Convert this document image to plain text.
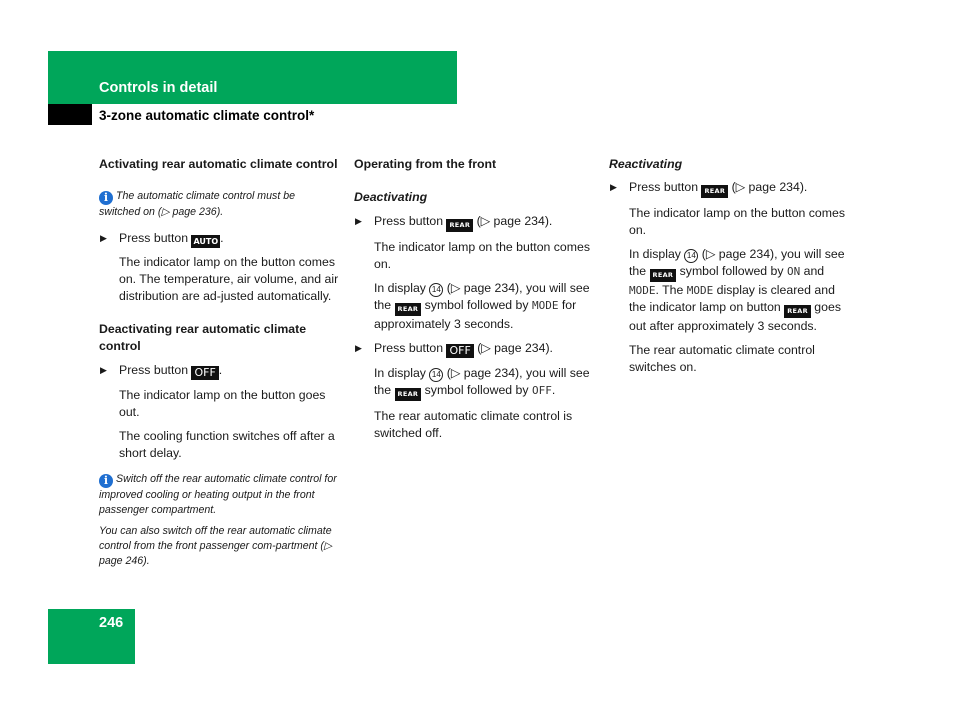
Controls in detail
3-zone automatic climate control*

Activating rear automatic climate control

i The automatic climate control must be switched on (▷ page 236).

▶ Press button AUTO .

The indicator lamp on the button comes on. The temperature, air volume, and air distribution are ad-justed automatically.

Deactivating rear automatic climate control

▶ Press button OFF .

The indicator lamp on the button goes out.

The cooling function switches off after a short delay.

i Switch off the rear automatic climate control for improved cooling or heating output in the front passenger compartment.

You can also switch off the rear automatic climate control from the front passenger com-partment (▷ page 246).

Operating from the front

Deactivating

▶ Press button REAR (▷ page 234).

The indicator lamp on the button comes on.

In display 14 (▷ page 234), you will see the REAR symbol followed by MODE for approximately 3 seconds.

▶ Press button OFF (▷ page 234).

In display 14 (▷ page 234), you will see the REAR symbol followed by OFF.

The rear automatic climate control is switched off.

Reactivating

▶ Press button REAR (▷ page 234).

The indicator lamp on the button comes on.

In display 14 (▷ page 234), you will see the REAR symbol followed by ON and MODE. The MODE display is cleared and the indicator lamp on button REAR goes out after approximately 3 seconds.

The rear automatic climate control switches on.

246
